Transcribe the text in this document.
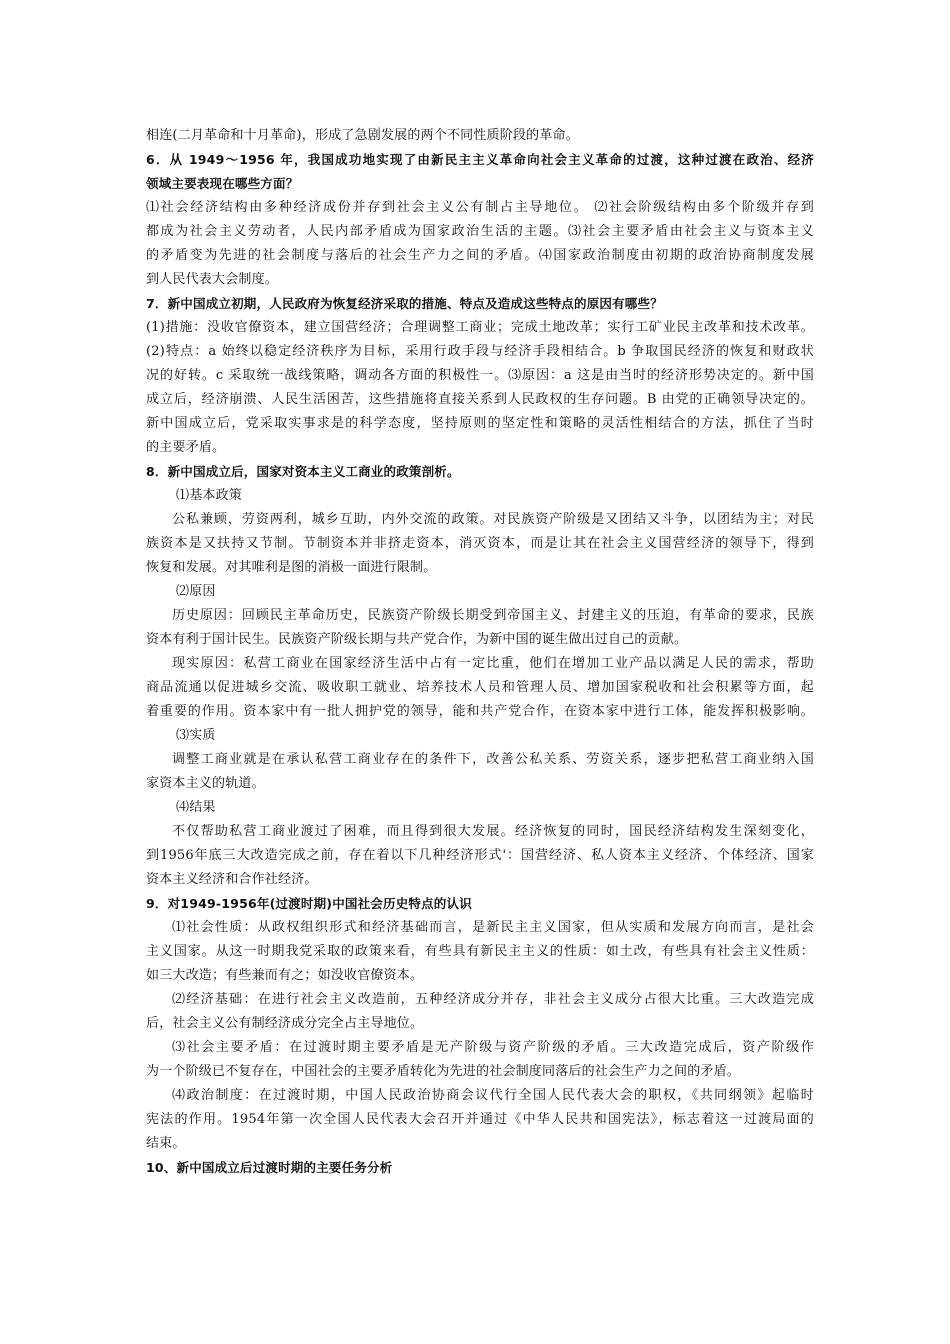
相连(二月革命和十月革命)，形成了急剧发展的两个不同性质阶段的革命。
6．从 1949～1956 年，我国成功地实现了由新民主主义革命向社会主义革命的过渡，这种过渡在政治、经济
领域主要表现在哪些方面？
⑴社会经济结构由多种经济成份并存到社会主义公有制占主导地位。 ⑵社会阶级结构由多个阶级并存到
都成为社会主义劳动者，人民内部矛盾成为国家政治生活的主题。⑶社会主要矛盾由社会主义与资本主义
的矛盾变为先进的社会制度与落后的社会生产力之间的矛盾。⑷国家政治制度由初期的政治协商制度发展
到人民代表大会制度。
7．新中国成立初期，人民政府为恢复经济采取的措施、特点及造成这些特点的原因有哪些？
(1)措施：没收官僚资本，建立国营经济；合理调整工商业；完成土地改革；实行工矿业民主改革和技术改革。
(2)特点：a 始终以稳定经济秩序为目标，采用行政手段与经济手段相结合。b 争取国民经济的恢复和财政状
况的好转。c 采取统一战线策略，调动各方面的积极性一。⑶原因：a 这是由当时的经济形势决定的。新中国
成立后，经济崩溃、人民生活困苦，这些措施将直接关系到人民政权的生存问题。B 由党的正确领导决定的。
新中国成立后，党采取实事求是的科学态度，坚持原则的坚定性和策略的灵活性相结合的方法，抓住了当时
的主要矛盾。
8．新中国成立后，国家对资本主义工商业的政策剖析。
⑴基本政策
公私兼顾，劳资两利，城乡互助，内外交流的政策。对民族资产阶级是又团结又斗争，以团结为主；对民
族资本是又扶持又节制。节制资本并非挤走资本，消灭资本，而是让其在社会主义国营经济的领导下，得到
恢复和发展。对其唯利是图的消极一面进行限制。
⑵原因
历史原因：回顾民主革命历史，民族资产阶级长期受到帝国主义、封建主义的压迫，有革命的要求，民族
资本有利于国计民生。民族资产阶级长期与共产党合作，为新中国的诞生做出过自己的贡献。
现实原因：私营工商业在国家经济生活中占有一定比重，他们在增加工业产品以满足人民的需求，帮助
商品流通以促进城乡交流、吸收职工就业、培养技术人员和管理人员、增加国家税收和社会积累等方面，起
着重要的作用。资本家中有一批人拥护党的领导，能和共产党合作，在资本家中进行工体，能发挥积极影响。
⑶实质
调整工商业就是在承认私营工商业存在的条件下，改善公私关系、劳资关系，逐步把私营工商业纳入国
家资本主义的轨道。
⑷结果
不仅帮助私营工商业渡过了困难，而且得到很大发展。经济恢复的同时，国民经济结构发生深刻变化，
到1956年底三大改造完成之前，存在着以下几种经济形式'：国营经济、私人资本主义经济、个体经济、国家
资本主义经济和合作社经济。
9．对1949-1956年(过渡时期)中国社会历史特点的认识
⑴社会性质：从政权组织形式和经济基础而言，是新民主主义国家，但从实质和发展方向而言，是社会
主义国家。从这一时期我党采取的政策来看，有些具有新民主主义的性质：如土改，有些具有社会主义性质：
如三大改造；有些兼而有之；如没收官僚资本。
⑵经济基础：在进行社会主义改造前，五种经济成分并存，非社会主义成分占很大比重。三大改造完成
后，社会主义公有制经济成分完全占主导地位。
⑶社会主要矛盾：在过渡时期主要矛盾是无产阶级与资产阶级的矛盾。三大改造完成后，资产阶级作
为一个阶级已不复存在，中国社会的主要矛盾转化为先进的社会制度同落后的社会生产力之间的矛盾。
⑷政治制度：在过渡时期，中国人民政治协商会议代行全国人民代表大会的职权，《共同纲领》起临时
宪法的作用。1954年第一次全国人民代表大会召开并通过《中华人民共和国宪法》，标志着这一过渡局面的
结束。
10、新中国成立后过渡时期的主要任务分析
